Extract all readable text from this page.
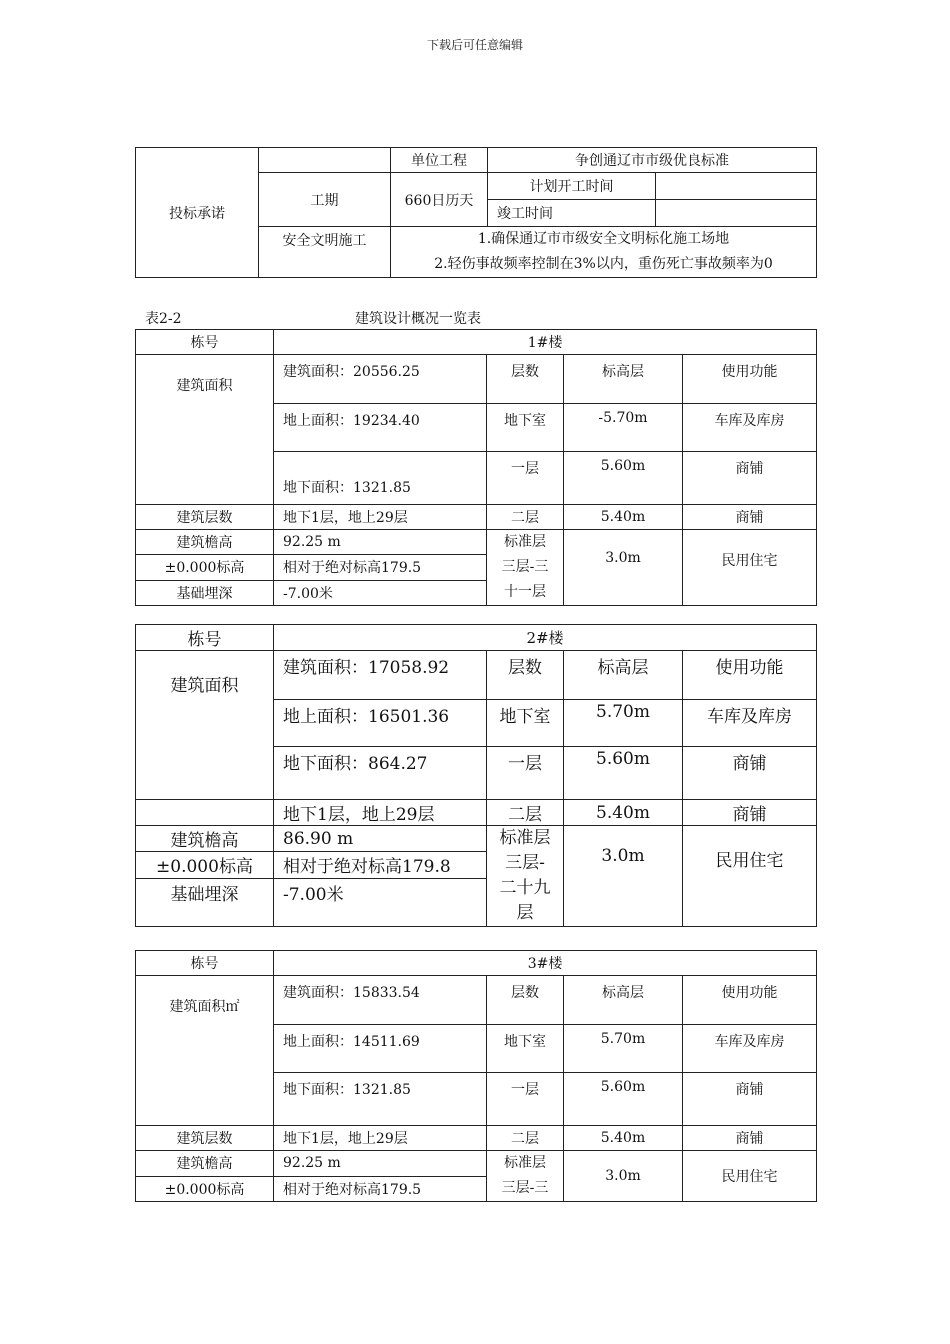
下载后可任意编辑
投标承诺		单位工程	争创通辽市市级优良标准	
	工期	660日历天	计划开工时间	
			竣工时间	
	安全文明施工	1.确保通辽市市级安全文明标化施工场地
2.轻伤事故频率控制在3%以内，重伤死亡事故频率为0		
表2-2	建筑设计概况一览表
栋号	1#楼			
建筑面积	建筑面积：20556.25	层数	标高层	使用功能
	地上面积：19234.40	地下室	-5.70m	车库及库房
	地下面积：1321.85	一层	5.60m	商铺
建筑层数	地下1层，地上29层	二层	5.40m	商铺
建筑檐高	92.25 m	标准层
三层-三
十一层	3.0m	民用住宅
±0.000标高	相对于绝对标高179.5			
基础埋深	-7.00米			
栋号	2#楼			
建筑面积	建筑面积：17058.92	层数	标高层	使用功能
	地上面积：16501.36	地下室	5.70m	车库及库房
	地下面积：864.27	一层	5.60m	商铺
	地下1层，地上29层	二层	5.40m	商铺
建筑檐高	86.90 m	标准层
三层-
二十九
层	3.0m	民用住宅
±0.000标高	相对于绝对标高179.8			
基础埋深	-7.00米			
栋号	3#楼			
建筑面积㎡	建筑面积：15833.54	层数	标高层	使用功能
	地上面积：14511.69	地下室	5.70m	车库及库房
	地下面积：1321.85	一层	5.60m	商铺
建筑层数	地下1层，地上29层	二层	5.40m	商铺
建筑檐高	92.25 m	标准层
三层-三	3.0m	民用住宅
±0.000标高	相对于绝对标高179.5			
